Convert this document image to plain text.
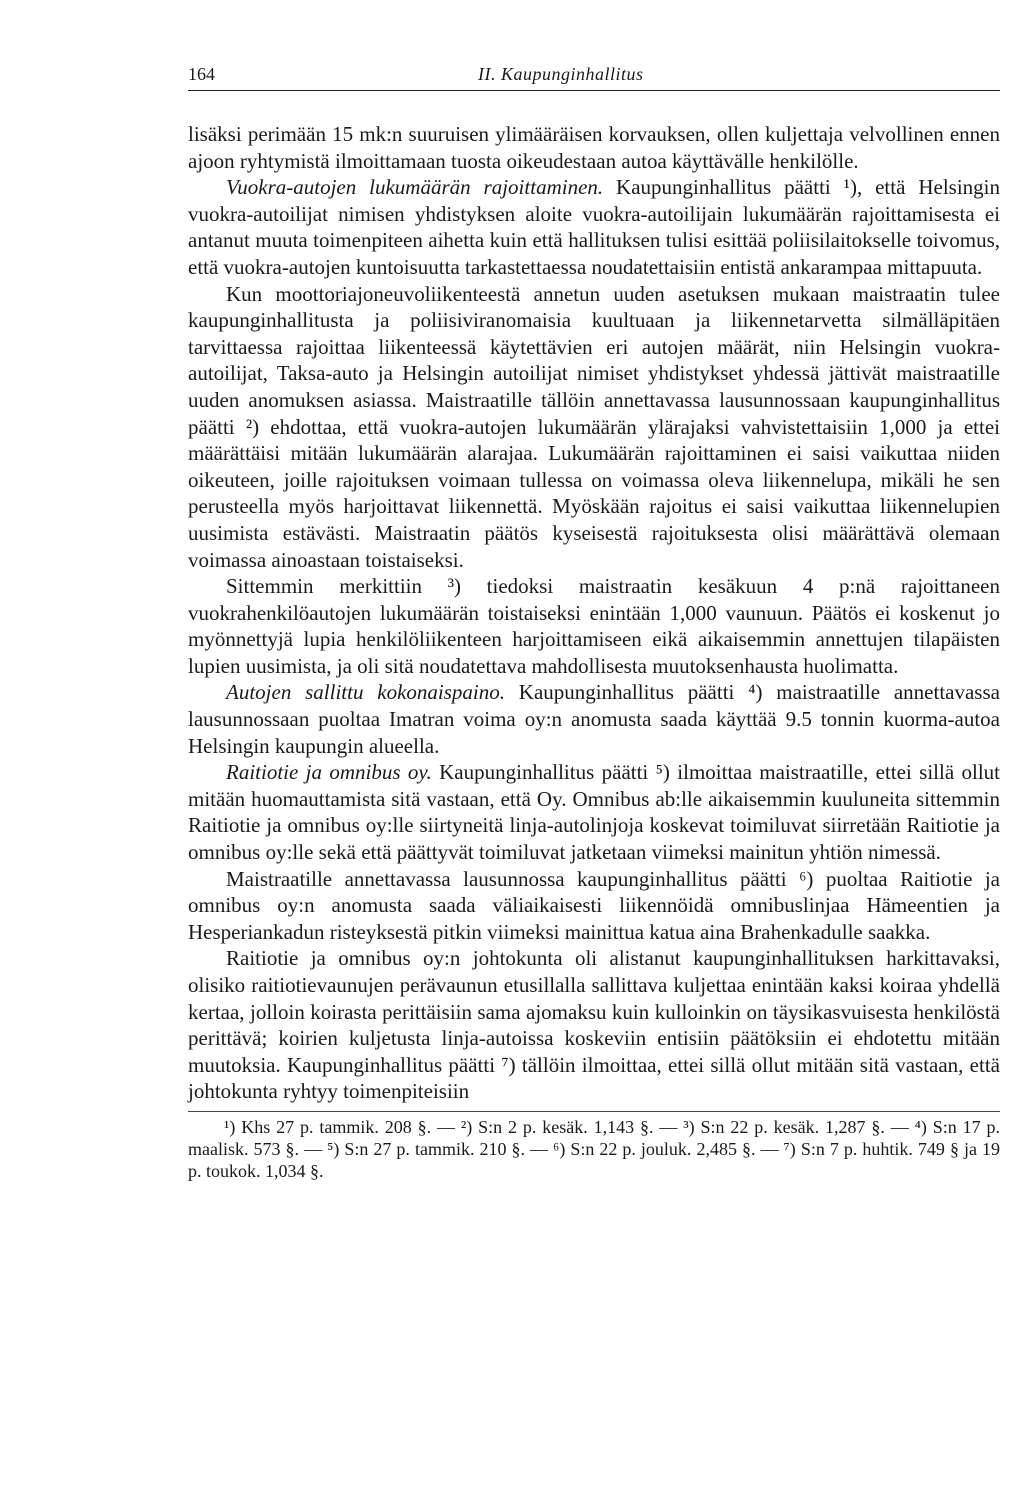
164	II. Kaupunginhallitus

lisäksi perimään 15 mk:n suuruisen ylimääräisen korvauksen, ollen kuljettaja velvollinen ennen ajoon ryhtymistä ilmoittamaan tuosta oikeudestaan autoa käyttävälle henkilölle.

Vuokra-autojen lukumäärän rajoittaminen. Kaupunginhallitus päätti ¹), että Helsingin vuokra-autoilijat nimisen yhdistyksen aloite vuokra-autoilijain lukumäärän rajoittamisesta ei antanut muuta toimenpiteen aihetta kuin että hallituksen tulisi esittää poliisilaitokselle toivomus, että vuokra-autojen kuntoisuutta tarkastettaessa noudatettaisiin entistä ankarampaa mittapuuta.

Kun moottoriajoneuvoliikenteestä annetun uuden asetuksen mukaan maistraatin tulee kaupunginhallitusta ja poliisiviranomaisia kuultuaan ja liikennetarvetta silmälläpitäen tarvittaessa rajoittaa liikenteessä käytettävien eri autojen määrät, niin Helsingin vuokra-autoilijat, Taksa-auto ja Helsingin autoilijat nimiset yhdistykset yhdessä jättivät maistraatille uuden anomuksen asiassa. Maistraatille tällöin annettavassa lausunnossaan kaupunginhallitus päätti ²) ehdottaa, että vuokra-autojen lukumäärän ylärajaksi vahvistettaisiin 1,000 ja ettei määrättäisi mitään lukumäärän alarajaa. Lukumäärän rajoittaminen ei saisi vaikuttaa niiden oikeuteen, joille rajoituksen voimaan tullessa on voimassa oleva liikennelupa, mikäli he sen perusteella myös harjoittavat liikennettä. Myöskään rajoitus ei saisi vaikuttaa liikennelupien uusimista estävästi. Maistraatin päätös kyseisestä rajoituksesta olisi määrättävä olemaan voimassa ainoastaan toistaiseksi.

Sittemmin merkittiin ³) tiedoksi maistraatin kesäkuun 4 p:nä rajoittaneen vuokrahenkilöautojen lukumäärän toistaiseksi enintään 1,000 vaunuun. Päätös ei koskenut jo myönnettyjä lupia henkilöliikenteen harjoittamiseen eikä aikaisemmin annettujen tilapäisten lupien uusimista, ja oli sitä noudatettava mahdollisesta muutoksenhausta huolimatta.

Autojen sallittu kokonaispaino. Kaupunginhallitus päätti ⁴) maistraatille annettavassa lausunnossaan puoltaa Imatran voima oy:n anomusta saada käyttää 9.5 tonnin kuorma-autoa Helsingin kaupungin alueella.

Raitiotie ja omnibus oy. Kaupunginhallitus päätti ⁵) ilmoittaa maistraatille, ettei sillä ollut mitään huomauttamista sitä vastaan, että Oy. Omnibus ab:lle aikaisemmin kuuluneita sittemmin Raitiotie ja omnibus oy:lle siirtyneitä linja-autolinjoja koskevat toimiluvat siirretään Raitiotie ja omnibus oy:lle sekä että päättyvät toimiluvat jatketaan viimeksi mainitun yhtiön nimessä.

Maistraatille annettavassa lausunnossa kaupunginhallitus päätti ⁶) puoltaa Raitiotie ja omnibus oy:n anomusta saada väliaikaisesti liikennöidä omnibuslinjaa Hämeentien ja Hesperiankadun risteyksestä pitkin viimeksi mainittua katua aina Brahenkadulle saakka.

Raitiotie ja omnibus oy:n johtokunta oli alistanut kaupunginhallituksen harkittavaksi, olisiko raitiotievaunujen perävaunun etusillalla sallittava kuljettaa enintään kaksi koiraa yhdellä kertaa, jolloin koirasta perittäisiin sama ajomaksu kuin kulloinkin on täysikasvuisesta henkilöstä perittävä; koirien kuljetusta linja-autoissa koskeviin entisiin päätöksiin ei ehdotettu mitään muutoksia. Kaupunginhallitus päätti ⁷) tällöin ilmoittaa, ettei sillä ollut mitään sitä vastaan, että johtokunta ryhtyy toimenpiteisiin

¹) Khs 27 p. tammik. 208 §. — ²) S:n 2 p. kesäk. 1,143 §. — ³) S:n 22 p. kesäk. 1,287 §. — ⁴) S:n 17 p. maalisk. 573 §. — ⁵) S:n 27 p. tammik. 210 §. — ⁶) S:n 22 p. jouluk. 2,485 §. — ⁷) S:n 7 p. huhtik. 749 § ja 19 p. toukok. 1,034 §.
